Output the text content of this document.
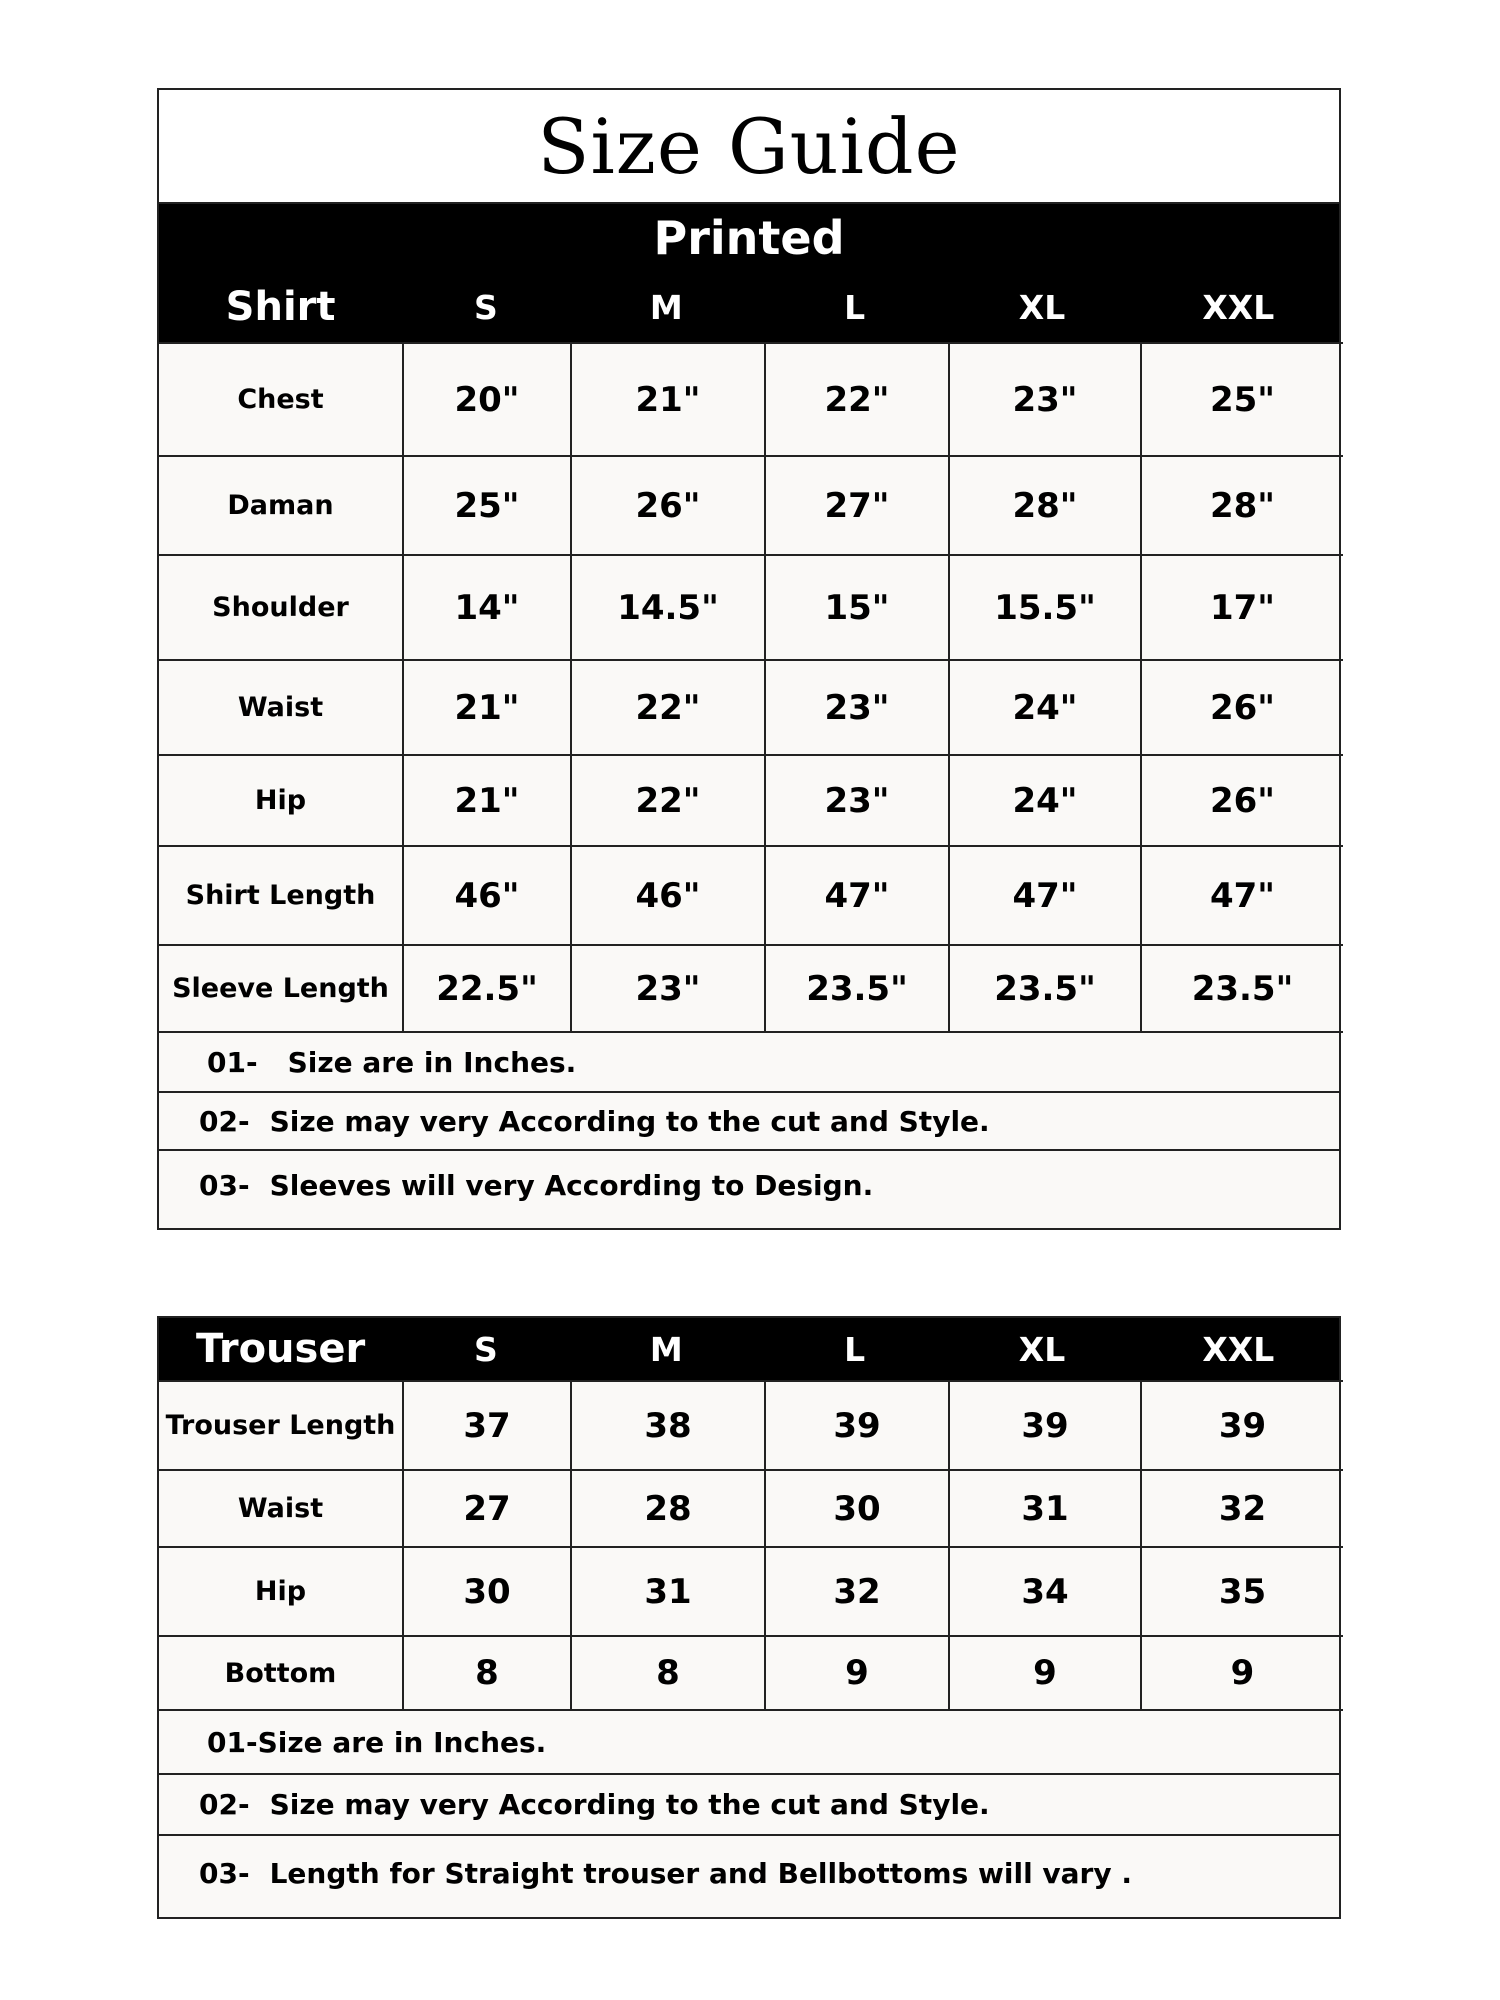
Size Guide
Printed
Shirt	S	M	L	XL	XXL
Chest	20"	21"	22"	23"	25"
Daman	25"	26"	27"	28"	28"
Shoulder	14"	14.5"	15"	15.5"	17"
Waist	21"	22"	23"	24"	26"
Hip	21"	22"	23"	24"	26"
Shirt Length	46"	46"	47"	47"	47"
Sleeve Length	22.5"	23"	23.5"	23.5"	23.5"
01- Size are in Inches.
02- Size may very According to the cut and Style.
03- Sleeves will very According to Design.
Trouser	S	M	L	XL	XXL
Trouser Length	37	38	39	39	39
Waist	27	28	30	31	32
Hip	30	31	32	34	35
Bottom	8	8	9	9	9
01- Size are in Inches.
02- Size may very According to the cut and Style.
03- Length for Straight trouser and Bellbottoms will vary .
